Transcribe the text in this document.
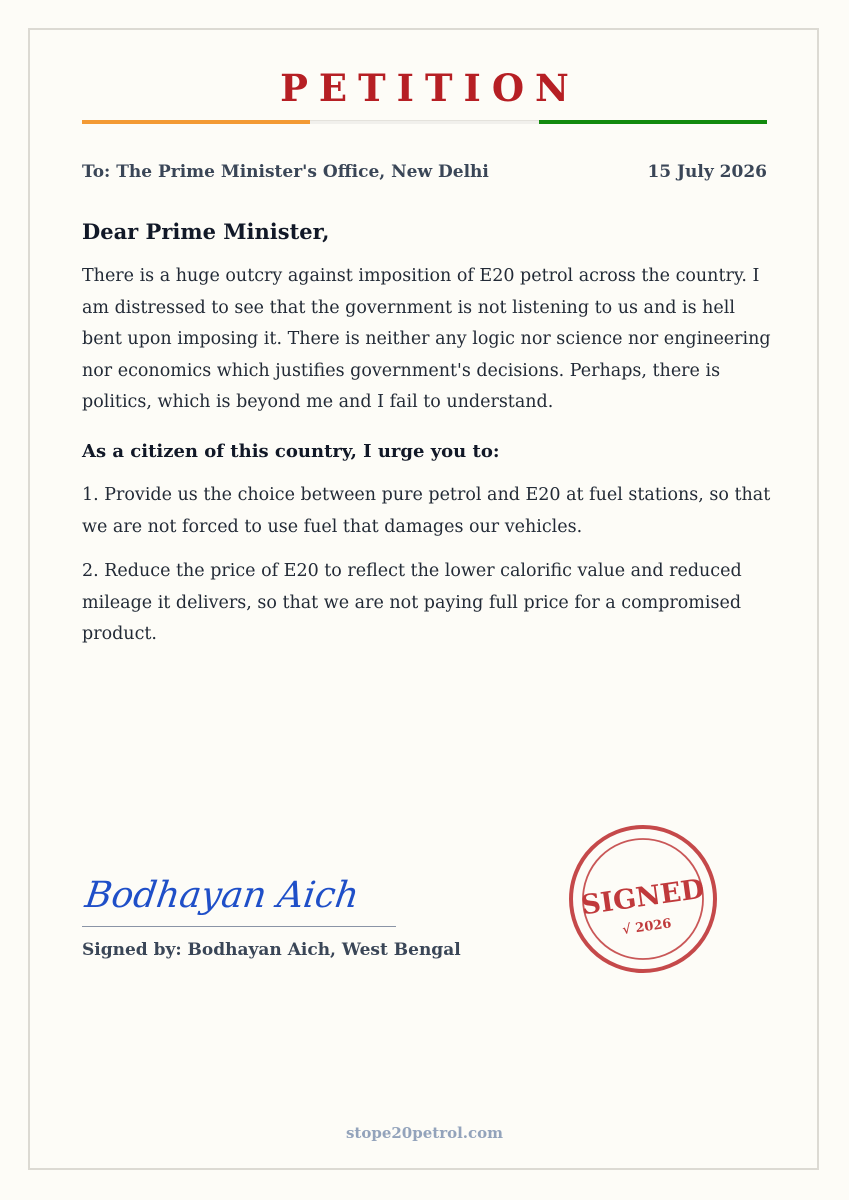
PETITION
To: The Prime Minister's Office, New Delhi	15 July 2026
Dear Prime Minister,
There is a huge outcry against imposition of E20 petrol across the country. I am distressed to see that the government is not listening to us and is hell bent upon imposing it. There is neither any logic nor science nor engineering nor economics which justifies government's decisions. Perhaps, there is politics, which is beyond me and I fail to understand.
As a citizen of this country, I urge you to:
1. Provide us the choice between pure petrol and E20 at fuel stations, so that we are not forced to use fuel that damages our vehicles.
2. Reduce the price of E20 to reflect the lower calorific value and reduced mileage it delivers, so that we are not paying full price for a compromised product.
Bodhayan Aich
Signed by: Bodhayan Aich, West Bengal
SIGNED
√ 2026
stope20petrol.com
